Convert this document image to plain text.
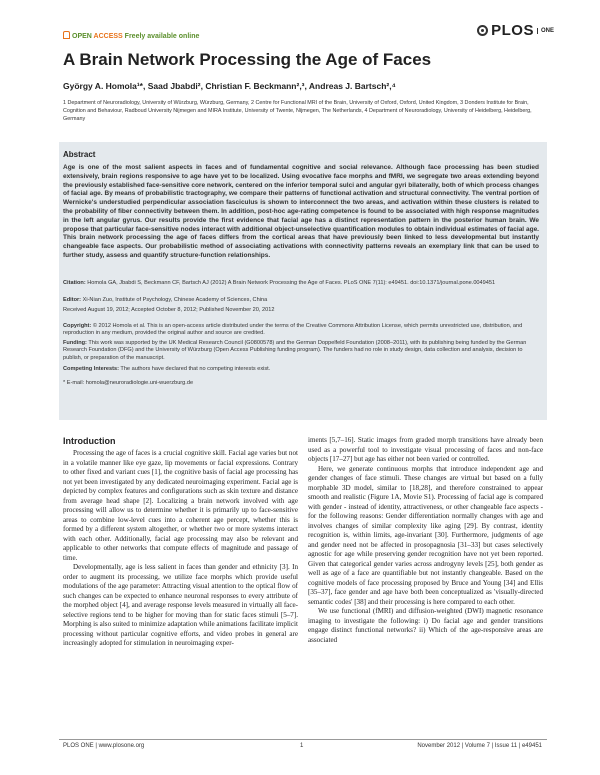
OPEN ACCESS Freely available online	PLOS	ONE
A Brain Network Processing the Age of Faces
György A. Homola¹*, Saad Jbabdi², Christian F. Beckmann²,³, Andreas J. Bartsch²,⁴
1 Department of Neuroradiology, University of Würzburg, Würzburg, Germany, 2 Centre for Functional MRI of the Brain, University of Oxford, Oxford, United Kingdom, 3 Donders Institute for Brain, Cognition and Behaviour, Radboud University Nijmegen and MIRA Institute, University of Twente, Nijmegen, The Netherlands, 4 Department of Neuroradiology, University of Heidelberg, Heidelberg, Germany
Abstract
Age is one of the most salient aspects in faces and of fundamental cognitive and social relevance. Although face processing has been studied extensively, brain regions responsive to age have yet to be localized. Using evocative face morphs and fMRI, we segregate two areas extending beyond the previously established face-sensitive core network, centered on the inferior temporal sulci and angular gyri bilaterally, both of which process changes of facial age. By means of probabilistic tractography, we compare their patterns of functional activation and structural connectivity. The ventral portion of Wernicke's understudied perpendicular association fasciculus is shown to interconnect the two areas, and activation within these clusters is related to the probability of fiber connectivity between them. In addition, post-hoc age-rating competence is found to be associated with high response magnitudes in the left angular gyrus. Our results provide the first evidence that facial age has a distinct representation pattern in the posterior human brain. We propose that particular face-sensitive nodes interact with additional object-unselective quantification modules to obtain individual estimates of facial age. This brain network processing the age of faces differs from the cortical areas that have previously been linked to less developmental but instantly changeable face aspects. Our probabilistic method of associating activations with connectivity patterns reveals an exemplary link that can be used to further study, assess and quantify structure-function relationships.
Citation: Homola GA, Jbabdi S, Beckmann CF, Bartsch AJ (2012) A Brain Network Processing the Age of Faces. PLoS ONE 7(11): e49451. doi:10.1371/journal.pone.0049451
Editor: Xi-Nian Zuo, Institute of Psychology, Chinese Academy of Sciences, China
Received August 19, 2012; Accepted October 8, 2012; Published November 20, 2012
Copyright: © 2012 Homola et al. This is an open-access article distributed under the terms of the Creative Commons Attribution License, which permits unrestricted use, distribution, and reproduction in any medium, provided the original author and source are credited.
Funding: This work was supported by the UK Medical Research Council (G0800578) and the German Doppelfeld Foundation (2008–2011), with its publishing being funded by the German Research Foundation (DFG) and the University of Würzburg (Open Access Publishing funding program). The funders had no role in study design, data collection and analysis, decision to publish, or preparation of the manuscript.
Competing Interests: The authors have declared that no competing interests exist.
* E-mail: homola@neuroradiologie.uni-wuerzburg.de
Introduction

Processing the age of faces is a crucial cognitive skill. Facial age varies but not in a volatile manner like eye gaze, lip movements or facial expressions. Contrary to other fixed and variant cues [1], the cognitive basis of facial age processing has not yet been investigated by any dedicated neuroimaging experiment. Facial age is depicted by complex features and configurations such as skin texture and distance from average head shape [2]. Localizing a brain network involved with age processing will allow us to determine whether it is primarily up to face-sensitive areas to combine low-level cues into a coherent age percept, whether this is formed by a different system altogether, or whether two or more systems interact with each other. Additionally, facial age processing may also be relevant and applicable to other networks that compute effects of magnitude and passage of time.

Developmentally, age is less salient in faces than gender and ethnicity [3]. In order to augment its processing, we utilize face morphs which provide useful modulations of the age parameter: Attracting visual attention to the optical flow of such changes can be expected to enhance neuronal responses to every attribute of the morphed object [4], and average response levels measured in virtually all face-selective regions tend to be higher for moving than for static faces stimuli [5–7]. Morphing is also suited to minimize adaptation while animations facilitate implicit processing without particular cognitive efforts, and video probes in general are increasingly adopted for stimulation in neuroimaging exper-

iments [5,7–16]. Static images from graded morph transitions have already been used as a powerful tool to investigate visual processing of faces and non-face objects [17–27] but age has either not been varied or controlled.

Here, we generate continuous morphs that introduce independent age and gender changes of face stimuli. These changes are virtual but based on a fully morphable 3D model, similar to [18,28], and therefore constrained to appear smooth and realistic (Figure 1A, Movie S1). Processing of facial age is compared with gender - instead of identity, attractiveness, or other changeable face aspects - for the following reasons: Gender differentiation normally changes with age and involves changes of similar complexity like aging [29]. By contrast, identity recognition is, within limits, age-invariant [30]. Furthermore, judgments of age and gender need not be affected in prosopagnosia [31–33] but cases selectively agnostic for age while preserving gender recognition have not yet been reported. Given that categorical gender varies across androgyny levels [25], both gender as well as age of a face are quantifiable but not instantly changeable. Based on the cognitive models of face processing proposed by Bruce and Young [34] and Ellis [35–37], face gender and age have both been conceptualized as 'visually-directed semantic codes' [38] and their processing is here compared to each other.

We use functional (fMRI) and diffusion-weighted (DWI) magnetic resonance imaging to investigate the following: i) Do facial age and gender transitions engage distinct functional networks? ii) Which of the age-responsive areas are associated

PLOS ONE | www.plosone.org	1	November 2012 | Volume 7 | Issue 11 | e49451
